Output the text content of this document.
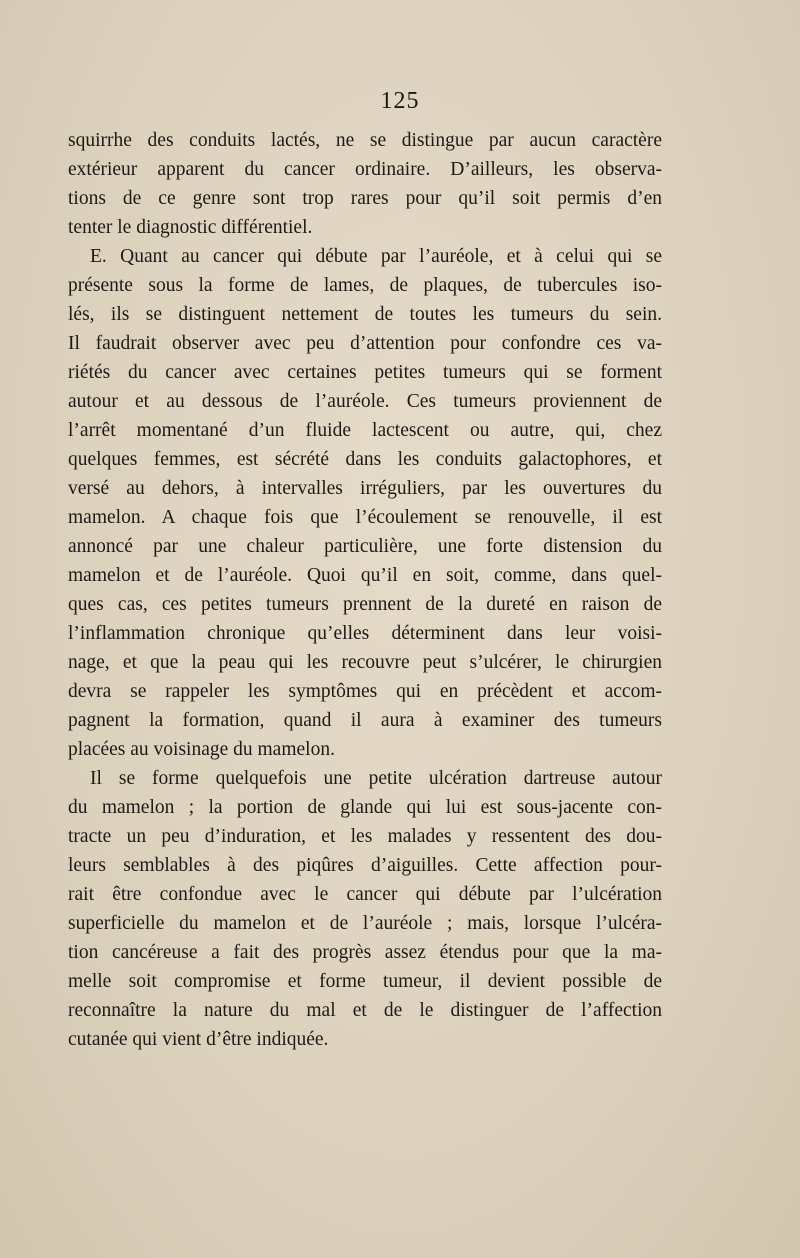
125
squirrhe des conduits lactés, ne se distingue par aucun caractère
extérieur apparent du cancer ordinaire. D’ailleurs, les observa-
tions de ce genre sont trop rares pour qu’il soit permis d’en
tenter le diagnostic différentiel.
E. Quant au cancer qui débute par l’auréole, et à celui qui se
présente sous la forme de lames, de plaques, de tubercules iso-
lés, ils se distinguent nettement de toutes les tumeurs du sein.
Il faudrait observer avec peu d’attention pour confondre ces va-
riétés du cancer avec certaines petites tumeurs qui se forment
autour et au dessous de l’auréole. Ces tumeurs proviennent de
l’arrêt momentané d’un fluide lactescent ou autre, qui, chez
quelques femmes, est sécrété dans les conduits galactophores, et
versé au dehors, à intervalles irréguliers, par les ouvertures du
mamelon. A chaque fois que l’écoulement se renouvelle, il est
annoncé par une chaleur particulière, une forte distension du
mamelon et de l’auréole. Quoi qu’il en soit, comme, dans quel-
ques cas, ces petites tumeurs prennent de la dureté en raison de
l’inflammation chronique qu’elles déterminent dans leur voisi-
nage, et que la peau qui les recouvre peut s’ulcérer, le chirurgien
devra se rappeler les symptômes qui en précèdent et accom-
pagnent la formation, quand il aura à examiner des tumeurs
placées au voisinage du mamelon.
Il se forme quelquefois une petite ulcération dartreuse autour
du mamelon ; la portion de glande qui lui est sous-jacente con-
tracte un peu d’induration, et les malades y ressentent des dou-
leurs semblables à des piqûres d’aiguilles. Cette affection pour-
rait être confondue avec le cancer qui débute par l’ulcération
superficielle du mamelon et de l’auréole ; mais, lorsque l’ulcéra-
tion cancéreuse a fait des progrès assez étendus pour que la ma-
melle soit compromise et forme tumeur, il devient possible de
reconnaître la nature du mal et de le distinguer de l’affection
cutanée qui vient d’être indiquée.
